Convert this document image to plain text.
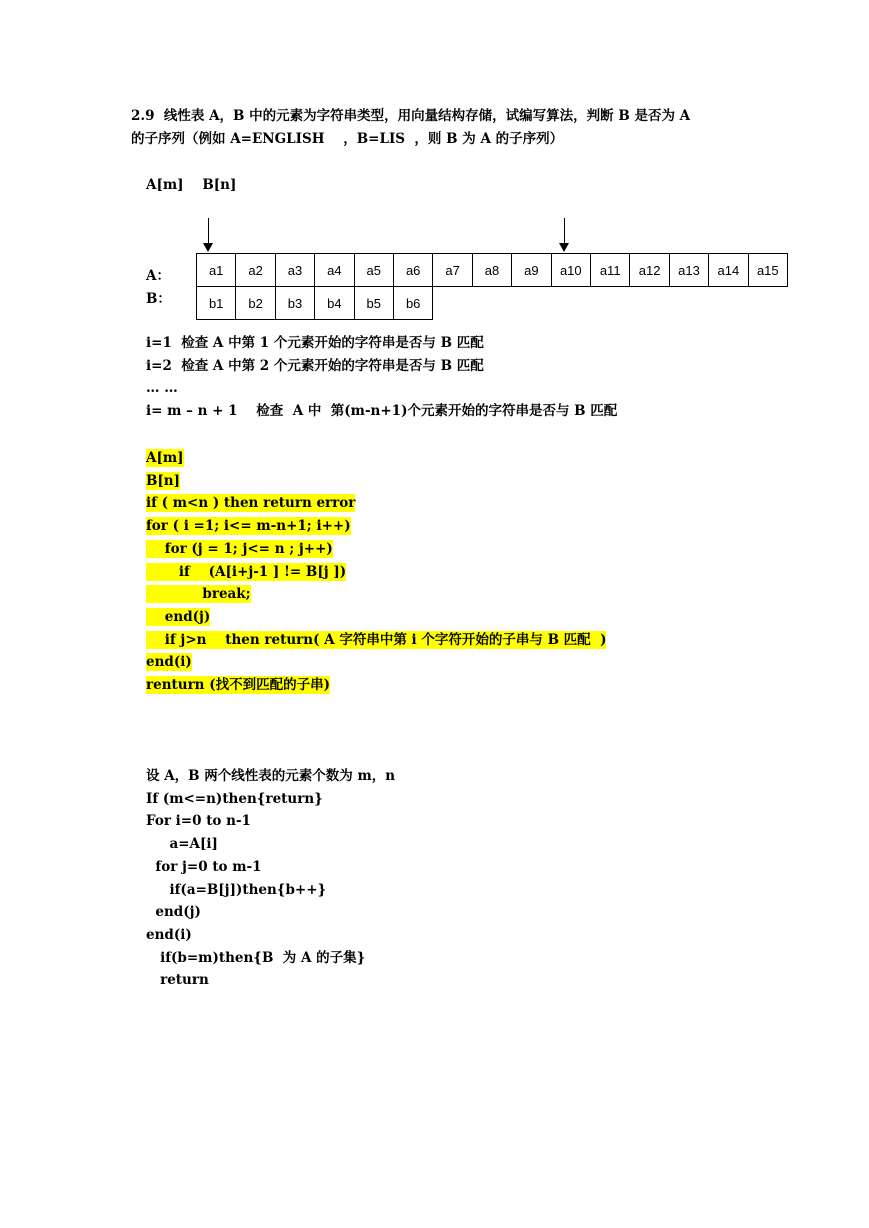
2.9  线性表 A，B 中的元素为字符串类型，用向量结构存储，试编写算法，判断 B 是否为 A
的子序列（例如 A=ENGLISH    ，B=LIS  ，则 B 为 A 的子序列）
A[m]    B[n]
A：
B：
a1	a2	a3	a4	a5	a6	a7	a8	a9	a10	a11	a12	a13	a14	a15
b1	b2	b3	b4	b5	b6
i=1  检查 A 中第 1 个元素开始的字符串是否与 B 匹配
i=2  检查 A 中第 2 个元素开始的字符串是否与 B 匹配
… …
i= m – n + 1    检查  A 中  第(m-n+1)个元素开始的字符串是否与 B 匹配
A[m]
B[n]
if ( m<n ) then return error
for ( i =1; i<= m-n+1; i++)
for (j = 1; j<= n ; j++)
if    (A[i+j-1 ] != B[j ])
break;
end(j)
if j>n    then return( A 字符串中第 i 个字符开始的子串与 B 匹配  )
end(i)
renturn (找不到匹配的子串)
设 A，B 两个线性表的元素个数为 m，n
If (m<=n)then{return}
For i=0 to n-1
a=A[i]
for j=0 to m-1
if(a=B[j])then{b++}
end(j)
end(i)
if(b=m)then{B  为 A 的子集}
return
